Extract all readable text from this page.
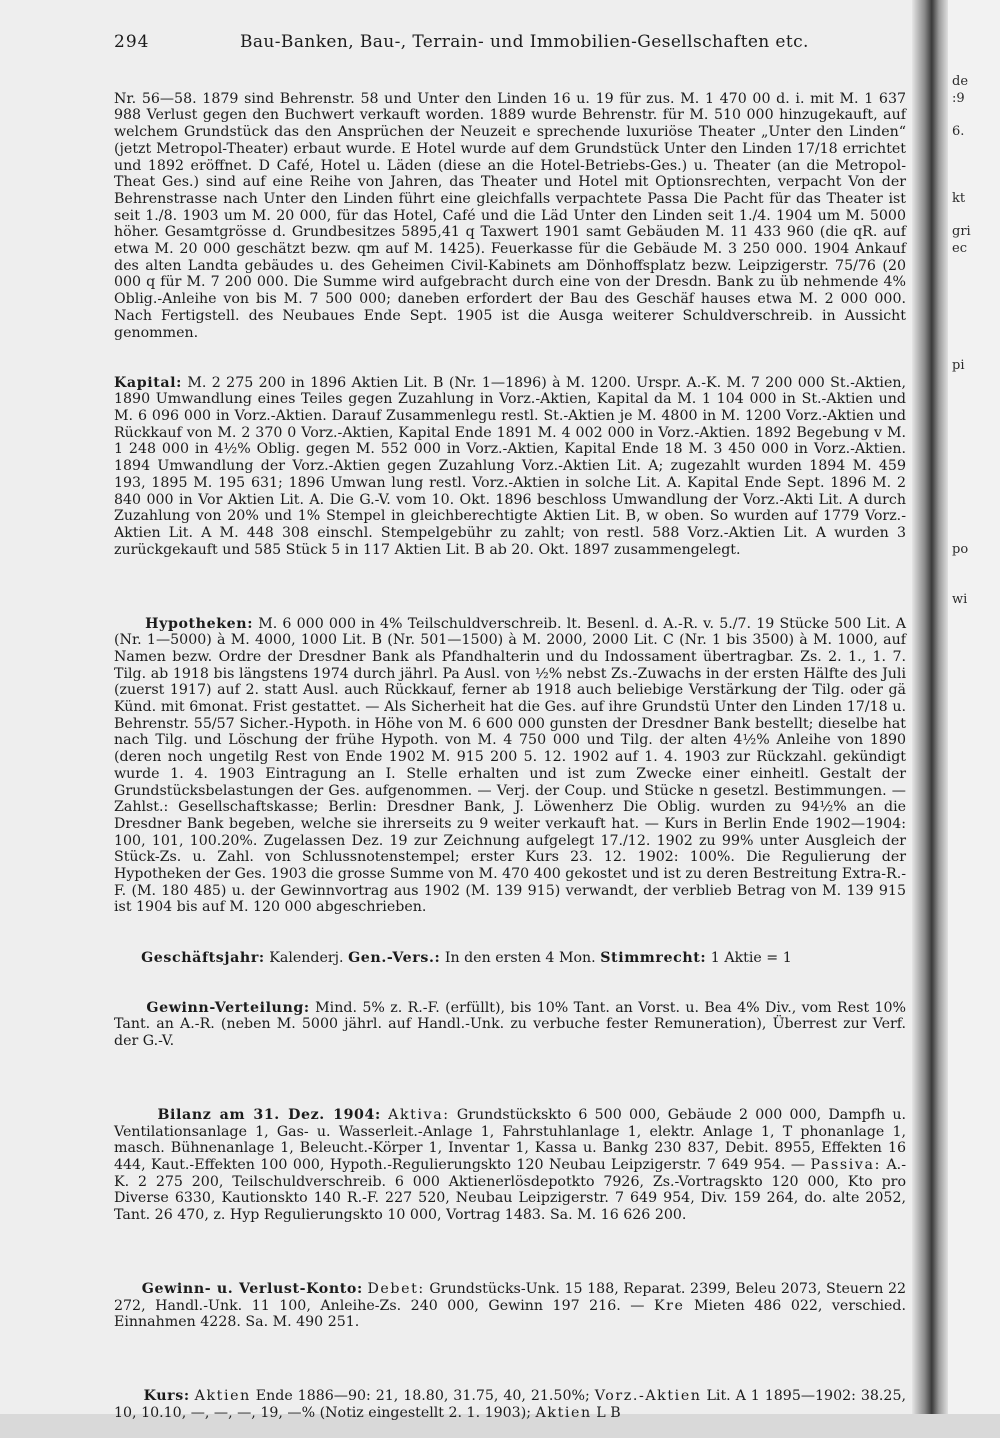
294	Bau-Banken, Bau-, Terrain- und Immobilien-Gesellschaften etc.

Nr. 56—58. 1879 sind Behrenstr. 58 und Unter den Linden 16 u. 19 für zus. M. 1 470 00 d. i. mit M. 1 637 988 Verlust gegen den Buchwert verkauft worden. 1889 wurde Behrenstr. für M. 510 000 hinzugekauft, auf welchem Grundstück das den Ansprüchen der Neuzeit e sprechende luxuriöse Theater „Unter den Linden“ (jetzt Metropol-Theater) erbaut wurde. E Hotel wurde auf dem Grundstück Unter den Linden 17/18 errichtet und 1892 eröffnet. D Café, Hotel u. Läden (diese an die Hotel-Betriebs-Ges.) u. Theater (an die Metropol-Theat Ges.) sind auf eine Reihe von Jahren, das Theater und Hotel mit Optionsrechten, verpacht Von der Behrenstrasse nach Unter den Linden führt eine gleichfalls verpachtete Passa Die Pacht für das Theater ist seit 1./8. 1903 um M. 20 000, für das Hotel, Café und die Läd Unter den Linden seit 1./4. 1904 um M. 5000 höher. Gesamtgrösse d. Grundbesitzes 5895,41 q Taxwert 1901 samt Gebäuden M. 11 433 960 (die qR. auf etwa M. 20 000 geschätzt bezw. qm auf M. 1425). Feuerkasse für die Gebäude M. 3 250 000. 1904 Ankauf des alten Landta gebäudes u. des Geheimen Civil-Kabinets am Dönhoffsplatz bezw. Leipzigerstr. 75/76 (20 000 q für M. 7 200 000. Die Summe wird aufgebracht durch eine von der Dresdn. Bank zu üb nehmende 4% Oblig.-Anleihe von bis M. 7 500 000; daneben erfordert der Bau des Geschäf hauses etwa M. 2 000 000. Nach Fertigstell. des Neubaues Ende Sept. 1905 ist die Ausga weiterer Schuldverschreib. in Aussicht genommen.

Kapital: M. 2 275 200 in 1896 Aktien Lit. B (Nr. 1—1896) à M. 1200. Urspr. A.-K. M. 7 200 000 St.-Aktien, 1890 Umwandlung eines Teiles gegen Zuzahlung in Vorz.-Aktien, Kapital da M. 1 104 000 in St.-Aktien und M. 6 096 000 in Vorz.-Aktien. Darauf Zusammenlegu restl. St.-Aktien je M. 4800 in M. 1200 Vorz.-Aktien und Rückkauf von M. 2 370 0 Vorz.-Aktien, Kapital Ende 1891 M. 4 002 000 in Vorz.-Aktien. 1892 Begebung v M. 1 248 000 in 4½% Oblig. gegen M. 552 000 in Vorz.-Aktien, Kapital Ende 18 M. 3 450 000 in Vorz.-Aktien. 1894 Umwandlung der Vorz.-Aktien gegen Zuzahlung Vorz.-Aktien Lit. A; zugezahlt wurden 1894 M. 459 193, 1895 M. 195 631; 1896 Umwan lung restl. Vorz.-Aktien in solche Lit. A. Kapital Ende Sept. 1896 M. 2 840 000 in Vor Aktien Lit. A. Die G.-V. vom 10. Okt. 1896 beschloss Umwandlung der Vorz.-Akti Lit. A durch Zuzahlung von 20% und 1% Stempel in gleichberechtigte Aktien Lit. B, w oben. So wurden auf 1779 Vorz.-Aktien Lit. A M. 448 308 einschl. Stempelgebühr zu zahlt; von restl. 588 Vorz.-Aktien Lit. A wurden 3 zurückgekauft und 585 Stück 5 in 117 Aktien Lit. B ab 20. Okt. 1897 zusammengelegt.

Hypotheken: M. 6 000 000 in 4% Teilschuldverschreib. lt. Besenl. d. A.-R. v. 5./7. 19 Stücke 500 Lit. A (Nr. 1—5000) à M. 4000, 1000 Lit. B (Nr. 501—1500) à M. 2000, 2000 Lit. C (Nr. 1 bis 3500) à M. 1000, auf Namen bezw. Ordre der Dresdner Bank als Pfandhalterin und du Indossament übertragbar. Zs. 2. 1., 1. 7. Tilg. ab 1918 bis längstens 1974 durch jährl. Pa Ausl. von ½% nebst Zs.-Zuwachs in der ersten Hälfte des Juli (zuerst 1917) auf 2. statt Ausl. auch Rückkauf, ferner ab 1918 auch beliebige Verstärkung der Tilg. oder gä Künd. mit 6monat. Frist gestattet. — Als Sicherheit hat die Ges. auf ihre Grundstü Unter den Linden 17/18 u. Behrenstr. 55/57 Sicher.-Hypoth. in Höhe von M. 6 600 000 gunsten der Dresdner Bank bestellt; dieselbe hat nach Tilg. und Löschung der frühe Hypoth. von M. 4 750 000 und Tilg. der alten 4½% Anleihe von 1890 (deren noch ungetilg Rest von Ende 1902 M. 915 200 5. 12. 1902 auf 1. 4. 1903 zur Rückzahl. gekündigt wurde 1. 4. 1903 Eintragung an I. Stelle erhalten und ist zum Zwecke einer einheitl. Gestalt der Grundstücksbelastungen der Ges. aufgenommen. — Verj. der Coup. und Stücke n gesetzl. Bestimmungen. — Zahlst.: Gesellschaftskasse; Berlin: Dresdner Bank, J. Löwenherz Die Oblig. wurden zu 94½% an die Dresdner Bank begeben, welche sie ihrerseits zu 9 weiter verkauft hat. — Kurs in Berlin Ende 1902—1904: 100, 101, 100.20%. Zugelassen Dez. 19 zur Zeichnung aufgelegt 17./12. 1902 zu 99% unter Ausgleich der Stück-Zs. u. Zahl. von Schlussnotenstempel; erster Kurs 23. 12. 1902: 100%. Die Regulierung der Hypotheken der Ges. 1903 die grosse Summe von M. 470 400 gekostet und ist zu deren Bestreitung Extra-R.-F. (M. 180 485) u. der Gewinnvortrag aus 1902 (M. 139 915) verwandt, der verblieb Betrag von M. 139 915 ist 1904 bis auf M. 120 000 abgeschrieben.

Geschäftsjahr: Kalenderj. Gen.-Vers.: In den ersten 4 Mon. Stimmrecht: 1 Aktie = 1

Gewinn-Verteilung: Mind. 5% z. R.-F. (erfüllt), bis 10% Tant. an Vorst. u. Bea 4% Div., vom Rest 10% Tant. an A.-R. (neben M. 5000 jährl. auf Handl.-Unk. zu verbuche fester Remuneration), Überrest zur Verf. der G.-V.

Bilanz am 31. Dez. 1904: Aktiva: Grundstückskto 6 500 000, Gebäude 2 000 000, Dampfh u. Ventilationsanlage 1, Gas- u. Wasserleit.-Anlage 1, Fahrstuhlanlage 1, elektr. Anlage 1, T phonanlage 1, masch. Bühnenanlage 1, Beleucht.-Körper 1, Inventar 1, Kassa u. Bankg 230 837, Debit. 8955, Effekten 16 444, Kaut.-Effekten 100 000, Hypoth.-Regulierungskto 120 Neubau Leipzigerstr. 7 649 954. — Passiva: A.-K. 2 275 200, Teilschuldverschreib. 6 000 Aktienerlösdepotkto 7926, Zs.-Vortragskto 120 000, Kto pro Diverse 6330, Kautionskto 140 R.-F. 227 520, Neubau Leipzigerstr. 7 649 954, Div. 159 264, do. alte 2052, Tant. 26 470, z. Hyp Regulierungskto 10 000, Vortrag 1483. Sa. M. 16 626 200.

Gewinn- u. Verlust-Konto: Debet: Grundstücks-Unk. 15 188, Reparat. 2399, Beleu 2073, Steuern 22 272, Handl.-Unk. 11 100, Anleihe-Zs. 240 000, Gewinn 197 216. — Kre Mieten 486 022, verschied. Einnahmen 4228. Sa. M. 490 251.

Kurs: Aktien Ende 1886—90: 21, 18.80, 31.75, 40, 21.50%; Vorz.-Aktien Lit. A 1 1895—1902: 38.25, 10, 10.10, —, —, —, 19, —% (Notiz eingestellt 2. 1. 1903); Aktien L B

de
:9

6.

kt

gri
ec

pi

po

wi
